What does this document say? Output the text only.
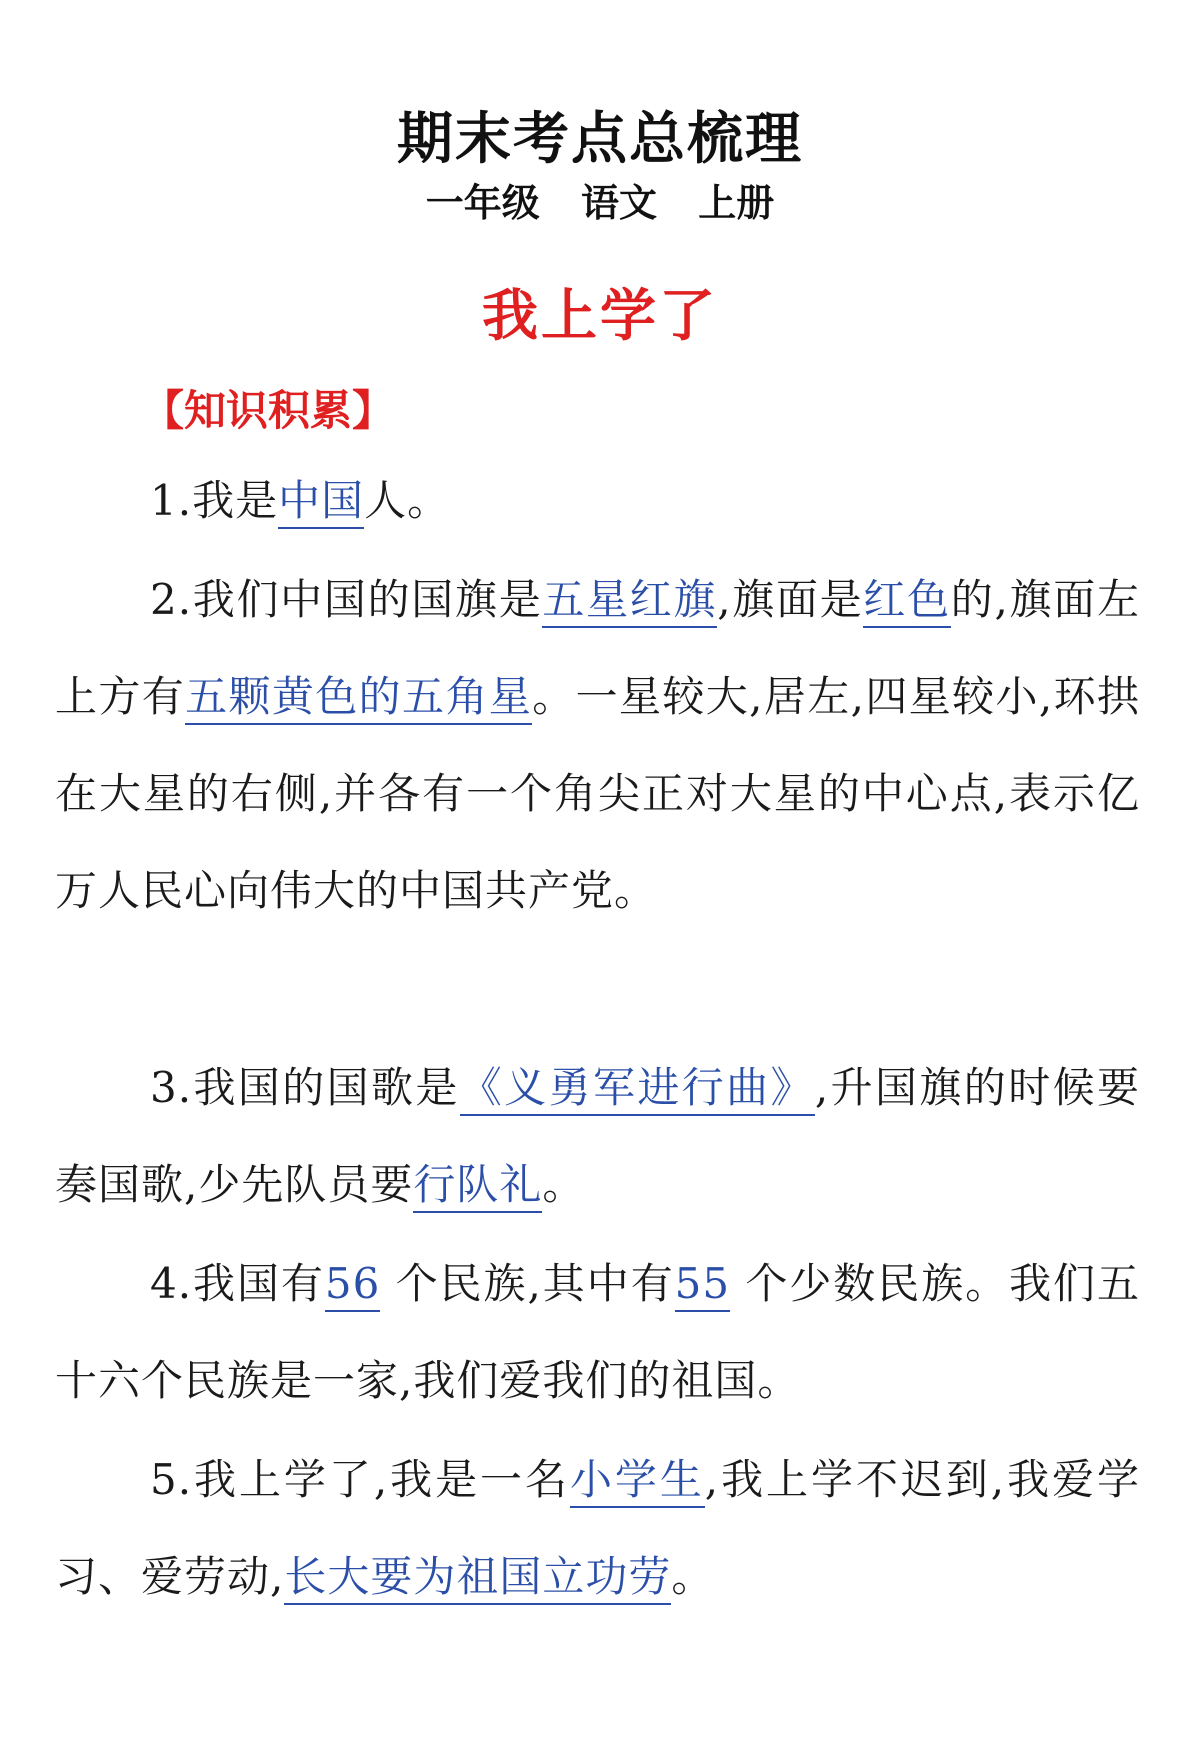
期末考点总梳理
一年级 语文 上册
我上学了
【知识积累】
1.我是中国人。
2.我们中国的国旗是五星红旗,旗面是红色的,旗面左上方有五颗黄色的五角星。一星较大,居左,四星较小,环拱在大星的右侧,并各有一个角尖正对大星的中心点,表示亿万人民心向伟大的中国共产党。
3.我国的国歌是《义勇军进行曲》,升国旗的时候要奏国歌,少先队员要行队礼。
4.我国有56 个民族,其中有55 个少数民族。我们五十六个民族是一家,我们爱我们的祖国。
5.我上学了,我是一名小学生,我上学不迟到,我爱学习、爱劳动,长大要为祖国立功劳。
